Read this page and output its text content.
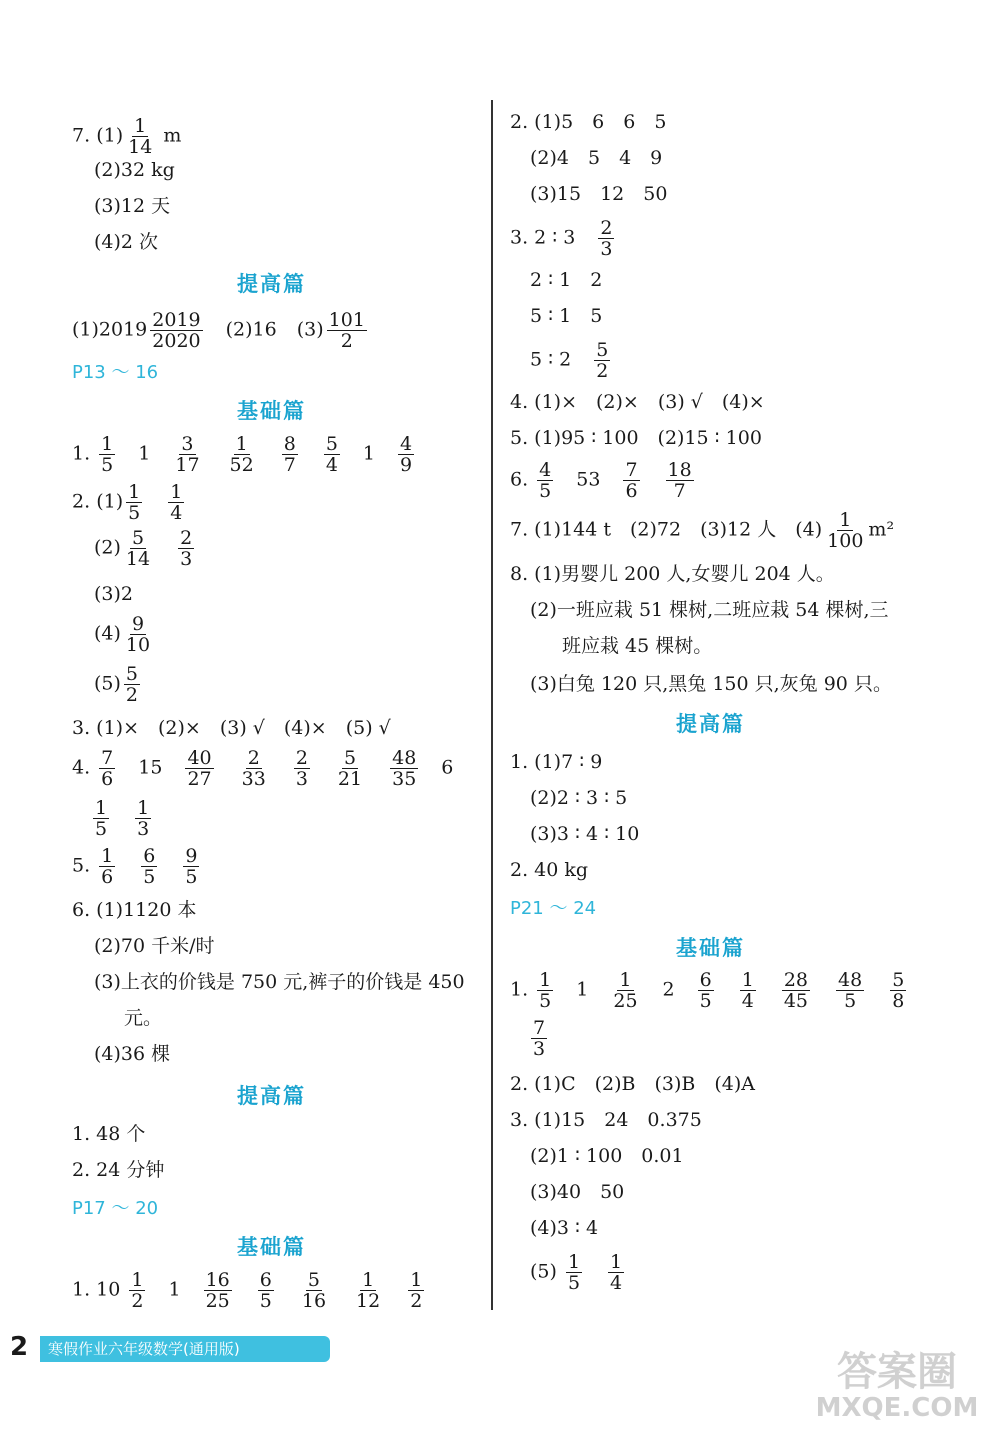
7. $(1) \frac{1}{14}$ m
(2)32 kg
(3)12 天
(4)2 次
提高篇
$(1)2019 \frac{2019}{2020} (2)16$ $(3) \frac{101}{2}$
P13 ～ 16
基础篇
1. $\frac{1}{5} 1 \frac{3}{17} \frac{1}{52} \frac{8}{7} \frac{5}{4} 1 \frac{4}{9}$
2. $(1) \frac{1}{5} \frac{1}{4}$
$(2) \frac{5}{14} \frac{2}{3}$
(3)2
$(4) \frac{9}{10}$
$(5) \frac{5}{2}$
3. (1)×　(2)×　(3) √　(4)×　(5) √
4. $\frac{7}{6} 15 \frac{40}{27} \frac{2}{33} \frac{2}{3} \frac{5}{21} \frac{48}{35} 6$
$\frac{1}{5} \frac{1}{3}$
5. $\frac{1}{6} \frac{6}{5} \frac{9}{5}$
6. (1)1120 本
(2)70 千米/时
(3)上衣的价钱是 750 元,裤子的价钱是 450
元。
(4)36 棵
提高篇
1. 48 个
2. 24 分钟
P17 ～ 20
基础篇
1. $10 \frac{1}{2} 1 \frac{16}{25} \frac{6}{5} \frac{5}{16} \frac{1}{12} \frac{1}{2}$
2. (1)5　6　6　5
(2)4　5　4　9
(3)15　12　50
3. 2 ∶ $3 \frac{2}{3}$
2 ∶ 1　2
5 ∶ 1　5
5 ∶ $2 \frac{5}{2}$
4. (1)×　(2)×　(3) √　(4)×
5. (1)95 ∶ 100　(2)15 ∶ 100
6. $\frac{4}{5} 53 \frac{7}{6} \frac{18}{7}$
7. (1)144 t　(2)72　(3)12 人　$(4) \frac{1}{100} m^2$
8. (1)男婴儿 200 人,女婴儿 204 人。
(2)一班应栽 51 棵树,二班应栽 54 棵树,三
班应栽 45 棵树。
(3)白兔 120 只,黑兔 150 只,灰兔 90 只。
提高篇
1. (1)7 ∶ 9
(2)2 ∶ 3 ∶ 5
(3)3 ∶ 4 ∶ 10
2. 40 kg
P21 ～ 24
基础篇
1. $\frac{1}{5} 1 \frac{1}{25} 2 \frac{6}{5} \frac{1}{4} \frac{28}{45} \frac{48}{5} \frac{5}{8}$
$\frac{7}{3}$
2. (1)C　(2)B　(3)B　(4)A
3. (1)15　24　0.375
(2)1 ∶ 100　0.01
(3)40　50
(4)3 ∶ 4
$(5) \frac{1}{5} \frac{1}{4}$
2	寒假作业六年级数学(通用版)	答案圈
MXQE.COM
